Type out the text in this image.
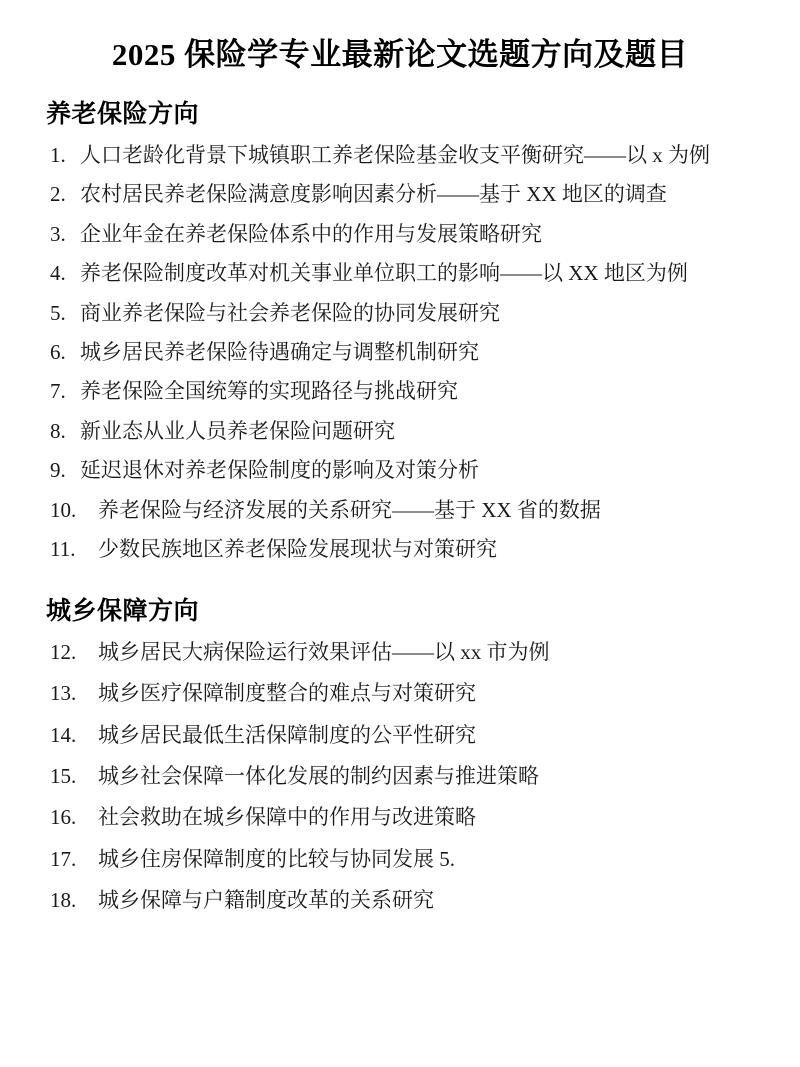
2025 保险学专业最新论文选题方向及题目
养老保险方向
1. 人口老龄化背景下城镇职工养老保险基金收支平衡研究——以 x 为例
2. 农村居民养老保险满意度影响因素分析——基于 XX 地区的调查
3. 企业年金在养老保险体系中的作用与发展策略研究
4. 养老保险制度改革对机关事业单位职工的影响——以 XX 地区为例
5. 商业养老保险与社会养老保险的协同发展研究
6. 城乡居民养老保险待遇确定与调整机制研究
7. 养老保险全国统筹的实现路径与挑战研究
8. 新业态从业人员养老保险问题研究
9. 延迟退休对养老保险制度的影响及对策分析
10.	养老保险与经济发展的关系研究——基于 XX 省的数据
11.	少数民族地区养老保险发展现状与对策研究
城乡保障方向
12.	城乡居民大病保险运行效果评估——以 xx 市为例
13.	城乡医疗保障制度整合的难点与对策研究
14.	城乡居民最低生活保障制度的公平性研究
15.	城乡社会保障一体化发展的制约因素与推进策略
16.	社会救助在城乡保障中的作用与改进策略
17.	城乡住房保障制度的比较与协同发展 5.
18.	城乡保障与户籍制度改革的关系研究
